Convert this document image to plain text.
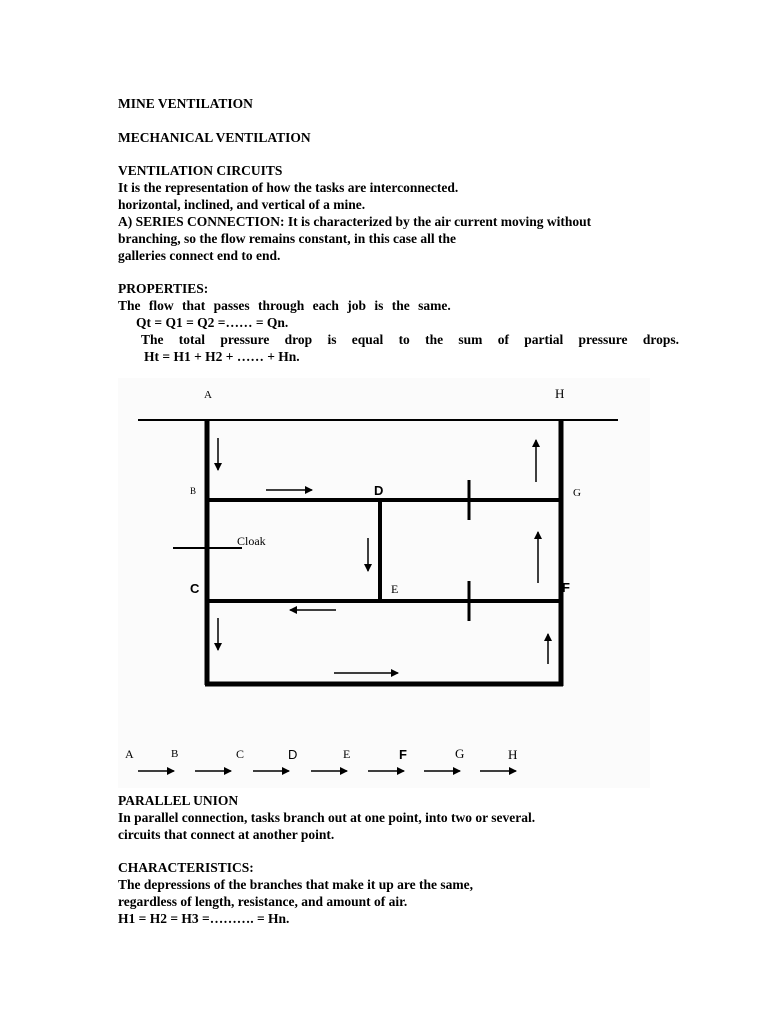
MINE VENTILATION

MECHANICAL VENTILATION

VENTILATION CIRCUITS

It is the representation of how the tasks are interconnected.

horizontal, inclined, and vertical of a mine.

A) SERIES CONNECTION: It is characterized by the air current moving without

branching, so the flow remains constant, in this case all the

galleries connect end to end.

PROPERTIES:

The flow that passes through each job is the same.

Qt = Q1 = Q2 =…… = Qn.

The total pressure drop is equal to the sum of partial pressure drops.

Ht = H1 + H2 + …… + Hn.

A	H
B	D	G
Cloak
C	E	F
A	B	C	D	E	F	G	H

PARALLEL UNION

In parallel connection, tasks branch out at one point, into two or several.

circuits that connect at another point.

CHARACTERISTICS:

The depressions of the branches that make it up are the same,

regardless of length, resistance, and amount of air.

H1 = H2 = H3 =………. = Hn.
